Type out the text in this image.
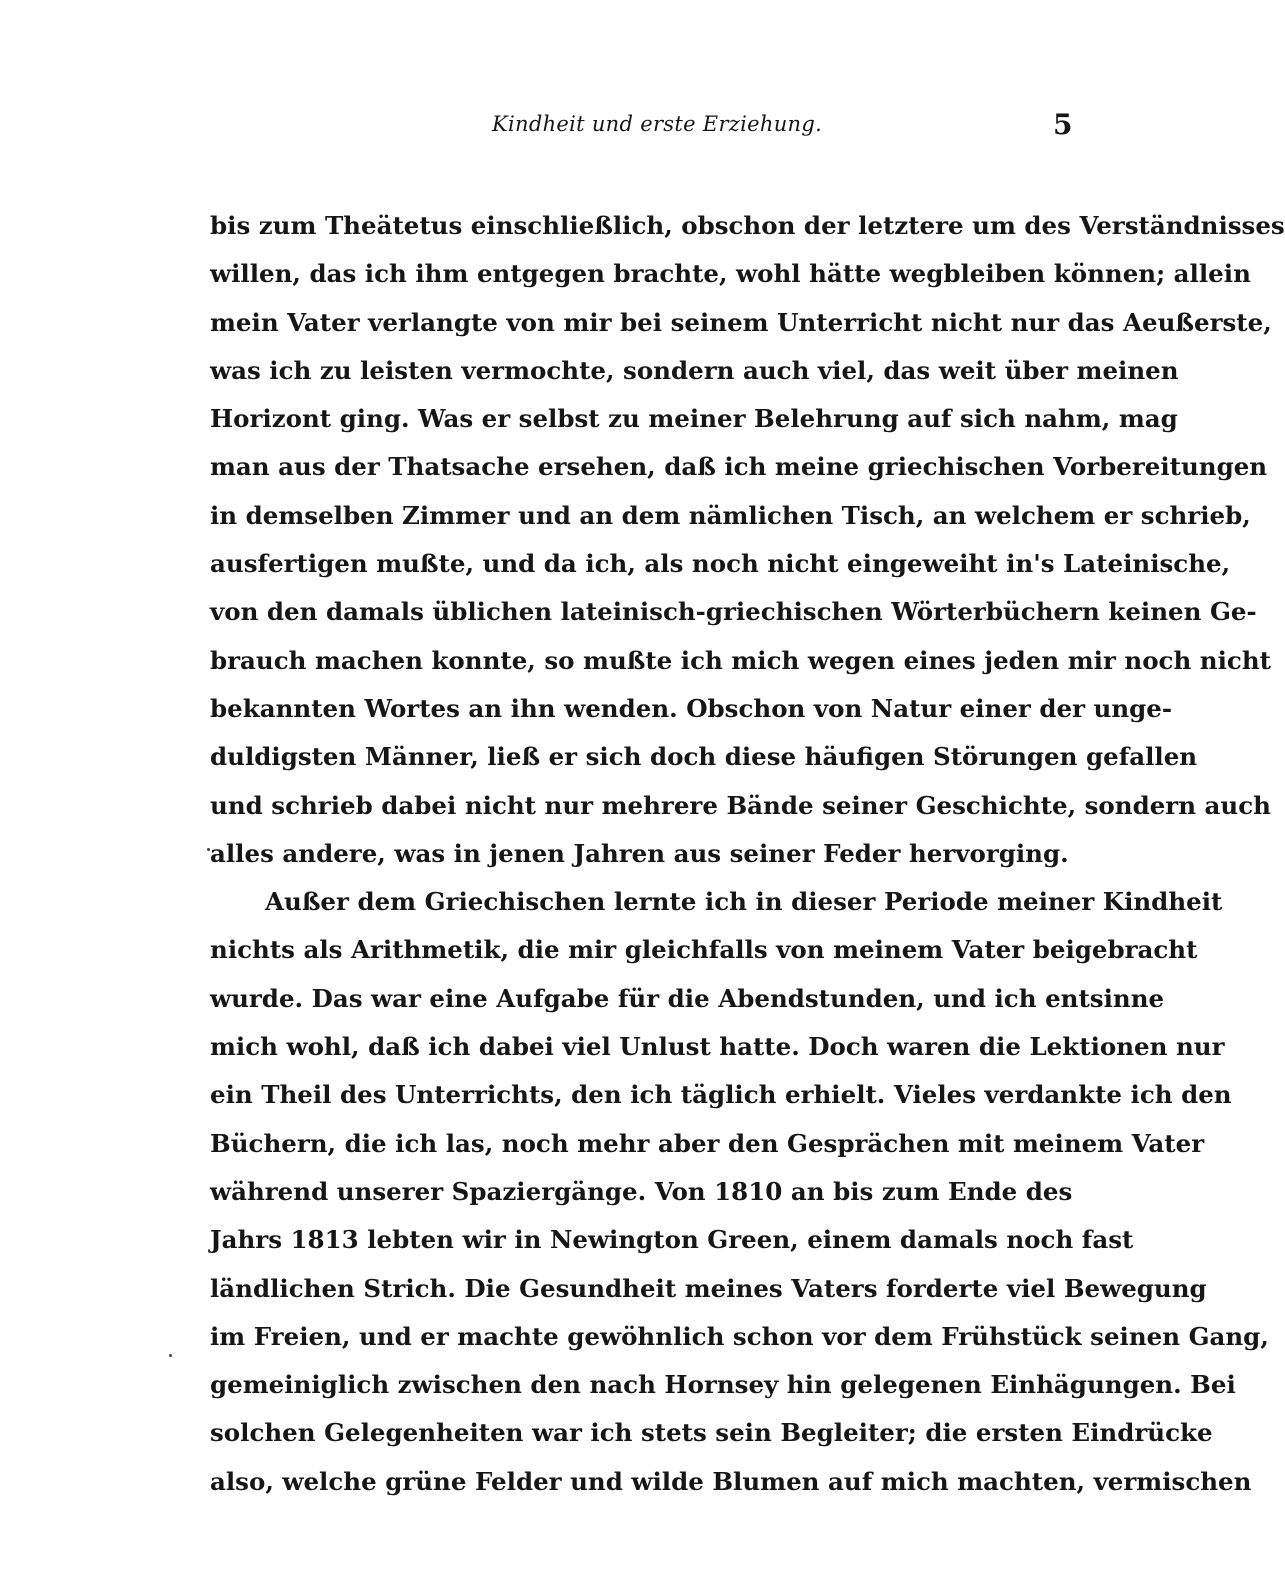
Kindheit und erste Erziehung.	5
bis zum Theätetus einschließlich, obschon der letztere um des Verständnisses
willen, das ich ihm entgegen brachte, wohl hätte wegbleiben können; allein
mein Vater verlangte von mir bei seinem Unterricht nicht nur das Aeußerste,
was ich zu leisten vermochte, sondern auch viel, das weit über meinen
Horizont ging. Was er selbst zu meiner Belehrung auf sich nahm, mag
man aus der Thatsache ersehen, daß ich meine griechischen Vorbereitungen
in demselben Zimmer und an dem nämlichen Tisch, an welchem er schrieb,
ausfertigen mußte, und da ich, als noch nicht eingeweiht in's Lateinische,
von den damals üblichen lateinisch-griechischen Wörterbüchern keinen Ge-
brauch machen konnte, so mußte ich mich wegen eines jeden mir noch nicht
bekannten Wortes an ihn wenden. Obschon von Natur einer der unge-
duldigsten Männer, ließ er sich doch diese häufigen Störungen gefallen
und schrieb dabei nicht nur mehrere Bände seiner Geschichte, sondern auch
alles andere, was in jenen Jahren aus seiner Feder hervorging.
Außer dem Griechischen lernte ich in dieser Periode meiner Kindheit
nichts als Arithmetik, die mir gleichfalls von meinem Vater beigebracht
wurde. Das war eine Aufgabe für die Abendstunden, und ich entsinne
mich wohl, daß ich dabei viel Unlust hatte. Doch waren die Lektionen nur
ein Theil des Unterrichts, den ich täglich erhielt. Vieles verdankte ich den
Büchern, die ich las, noch mehr aber den Gesprächen mit meinem Vater
während unserer Spaziergänge. Von 1810 an bis zum Ende des
Jahrs 1813 lebten wir in Newington Green, einem damals noch fast
ländlichen Strich. Die Gesundheit meines Vaters forderte viel Bewegung
im Freien, und er machte gewöhnlich schon vor dem Frühstück seinen Gang,
gemeiniglich zwischen den nach Hornsey hin gelegenen Einhägungen. Bei
solchen Gelegenheiten war ich stets sein Begleiter; die ersten Eindrücke
also, welche grüne Felder und wilde Blumen auf mich machten, vermischen
